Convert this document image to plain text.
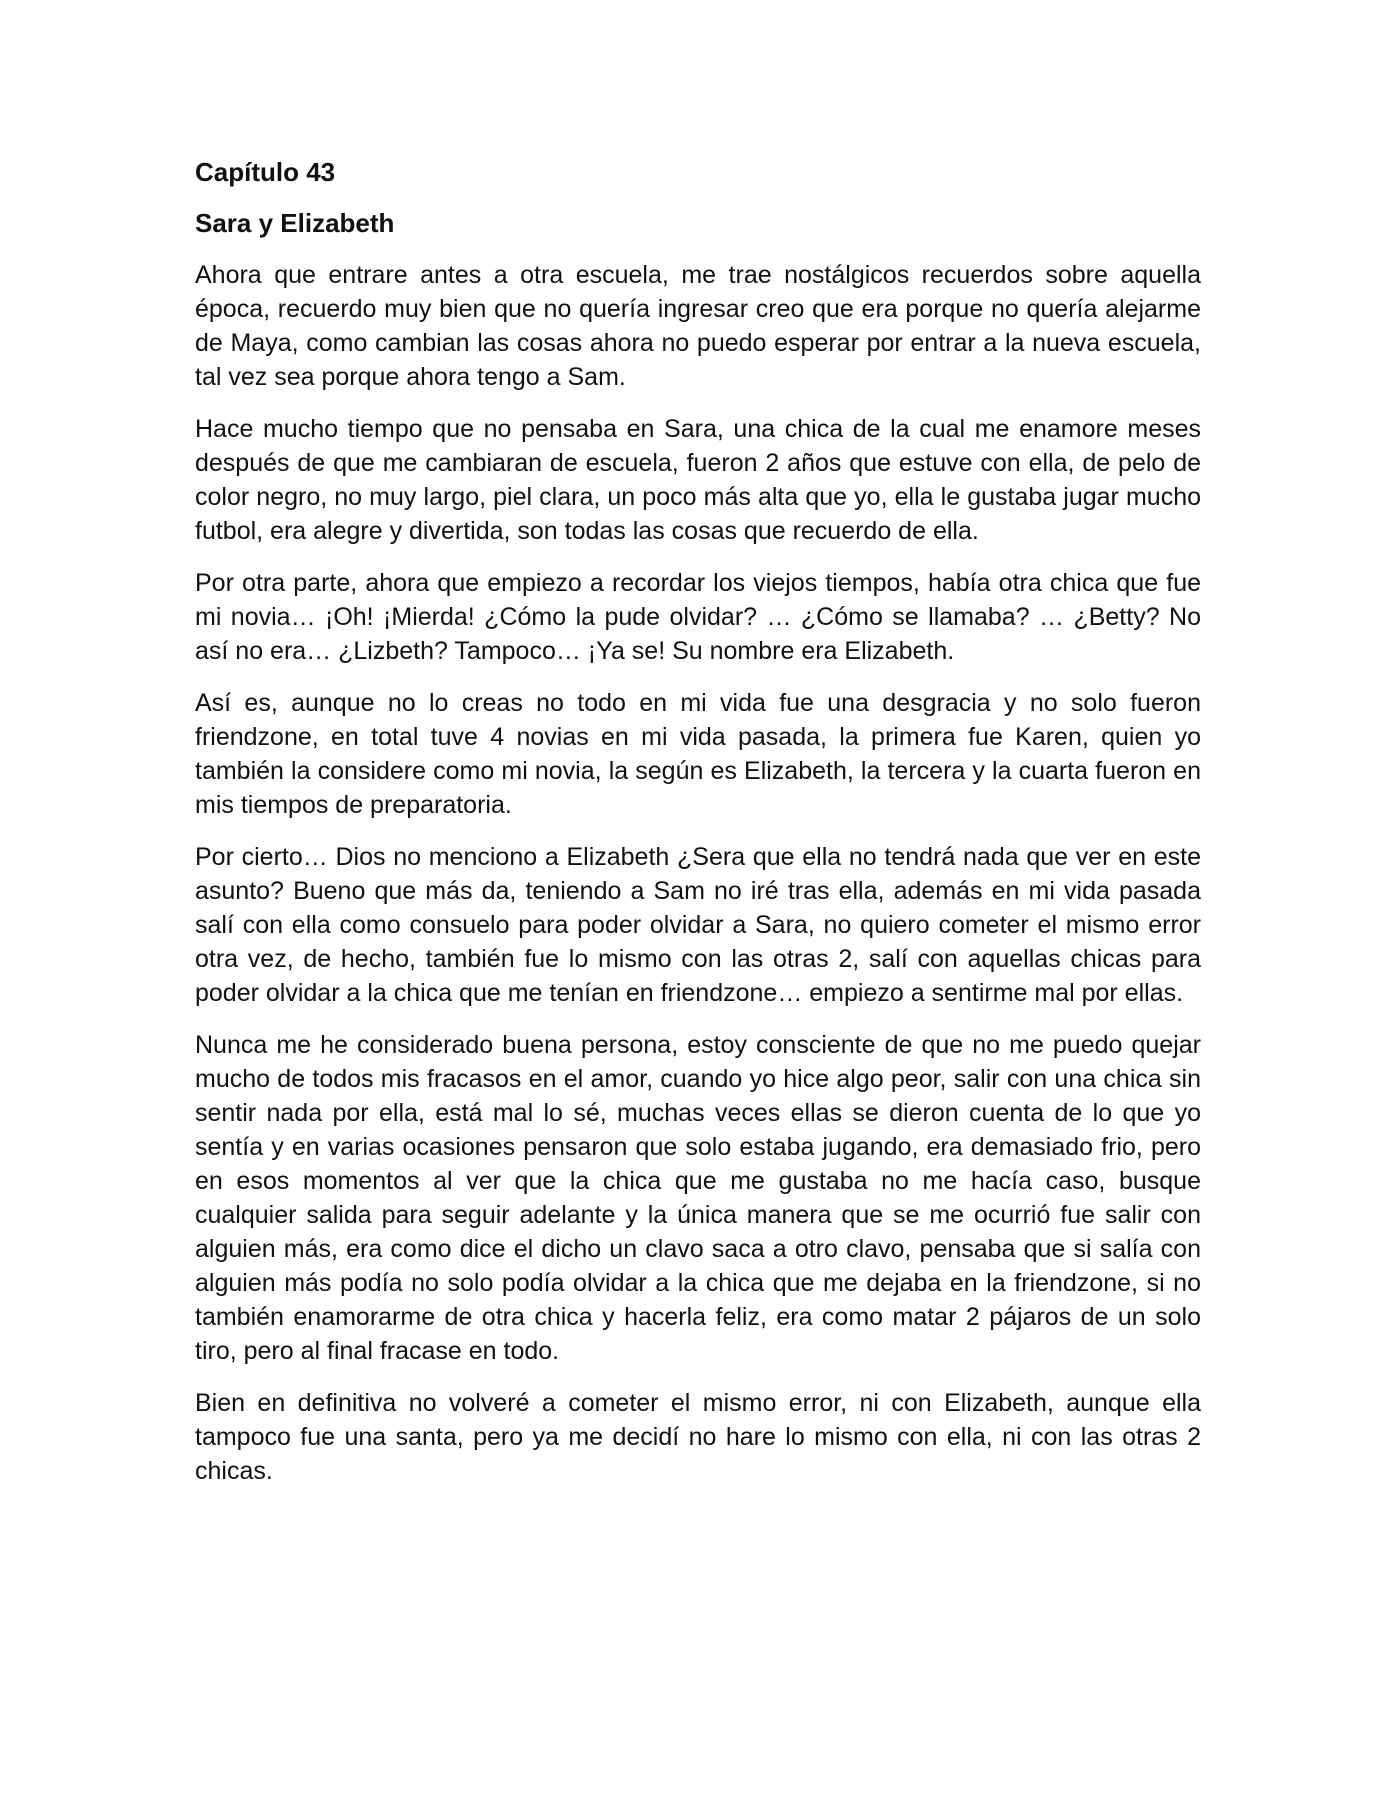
Capítulo 43
Sara y Elizabeth

Ahora que entrare antes a otra escuela, me trae nostálgicos recuerdos sobre aquella época, recuerdo muy bien que no quería ingresar creo que era porque no quería alejarme de Maya, como cambian las cosas ahora no puedo esperar por entrar a la nueva escuela, tal vez sea porque ahora tengo a Sam.

Hace mucho tiempo que no pensaba en Sara, una chica de la cual me enamore meses después de que me cambiaran de escuela, fueron 2 años que estuve con ella, de pelo de color negro, no muy largo, piel clara, un poco más alta que yo, ella le gustaba jugar mucho futbol, era alegre y divertida, son todas las cosas que recuerdo de ella.

Por otra parte, ahora que empiezo a recordar los viejos tiempos, había otra chica que fue mi novia… ¡Oh! ¡Mierda! ¿Cómo la pude olvidar? … ¿Cómo se llamaba? … ¿Betty? No así no era… ¿Lizbeth? Tampoco… ¡Ya se! Su nombre era Elizabeth.

Así es, aunque no lo creas no todo en mi vida fue una desgracia y no solo fueron friendzone, en total tuve 4 novias en mi vida pasada, la primera fue Karen, quien yo también la considere como mi novia, la según es Elizabeth, la tercera y la cuarta fueron en mis tiempos de preparatoria.

Por cierto… Dios no menciono a Elizabeth ¿Sera que ella no tendrá nada que ver en este asunto? Bueno que más da, teniendo a Sam no iré tras ella, además en mi vida pasada salí con ella como consuelo para poder olvidar a Sara, no quiero cometer el mismo error otra vez, de hecho, también fue lo mismo con las otras 2, salí con aquellas chicas para poder olvidar a la chica que me tenían en friendzone… empiezo a sentirme mal por ellas.

Nunca me he considerado buena persona, estoy consciente de que no me puedo quejar mucho de todos mis fracasos en el amor, cuando yo hice algo peor, salir con una chica sin sentir nada por ella, está mal lo sé, muchas veces ellas se dieron cuenta de lo que yo sentía y en varias ocasiones pensaron que solo estaba jugando, era demasiado frio, pero en esos momentos al ver que la chica que me gustaba no me hacía caso, busque cualquier salida para seguir adelante y la única manera que se me ocurrió fue salir con alguien más, era como dice el dicho un clavo saca a otro clavo, pensaba que si salía con alguien más podía no solo podía olvidar a la chica que me dejaba en la friendzone, si no también enamorarme de otra chica y hacerla feliz, era como matar 2 pájaros de un solo tiro, pero al final fracase en todo.

Bien en definitiva no volveré a cometer el mismo error, ni con Elizabeth, aunque ella tampoco fue una santa, pero ya me decidí no hare lo mismo con ella, ni con las otras 2 chicas.
